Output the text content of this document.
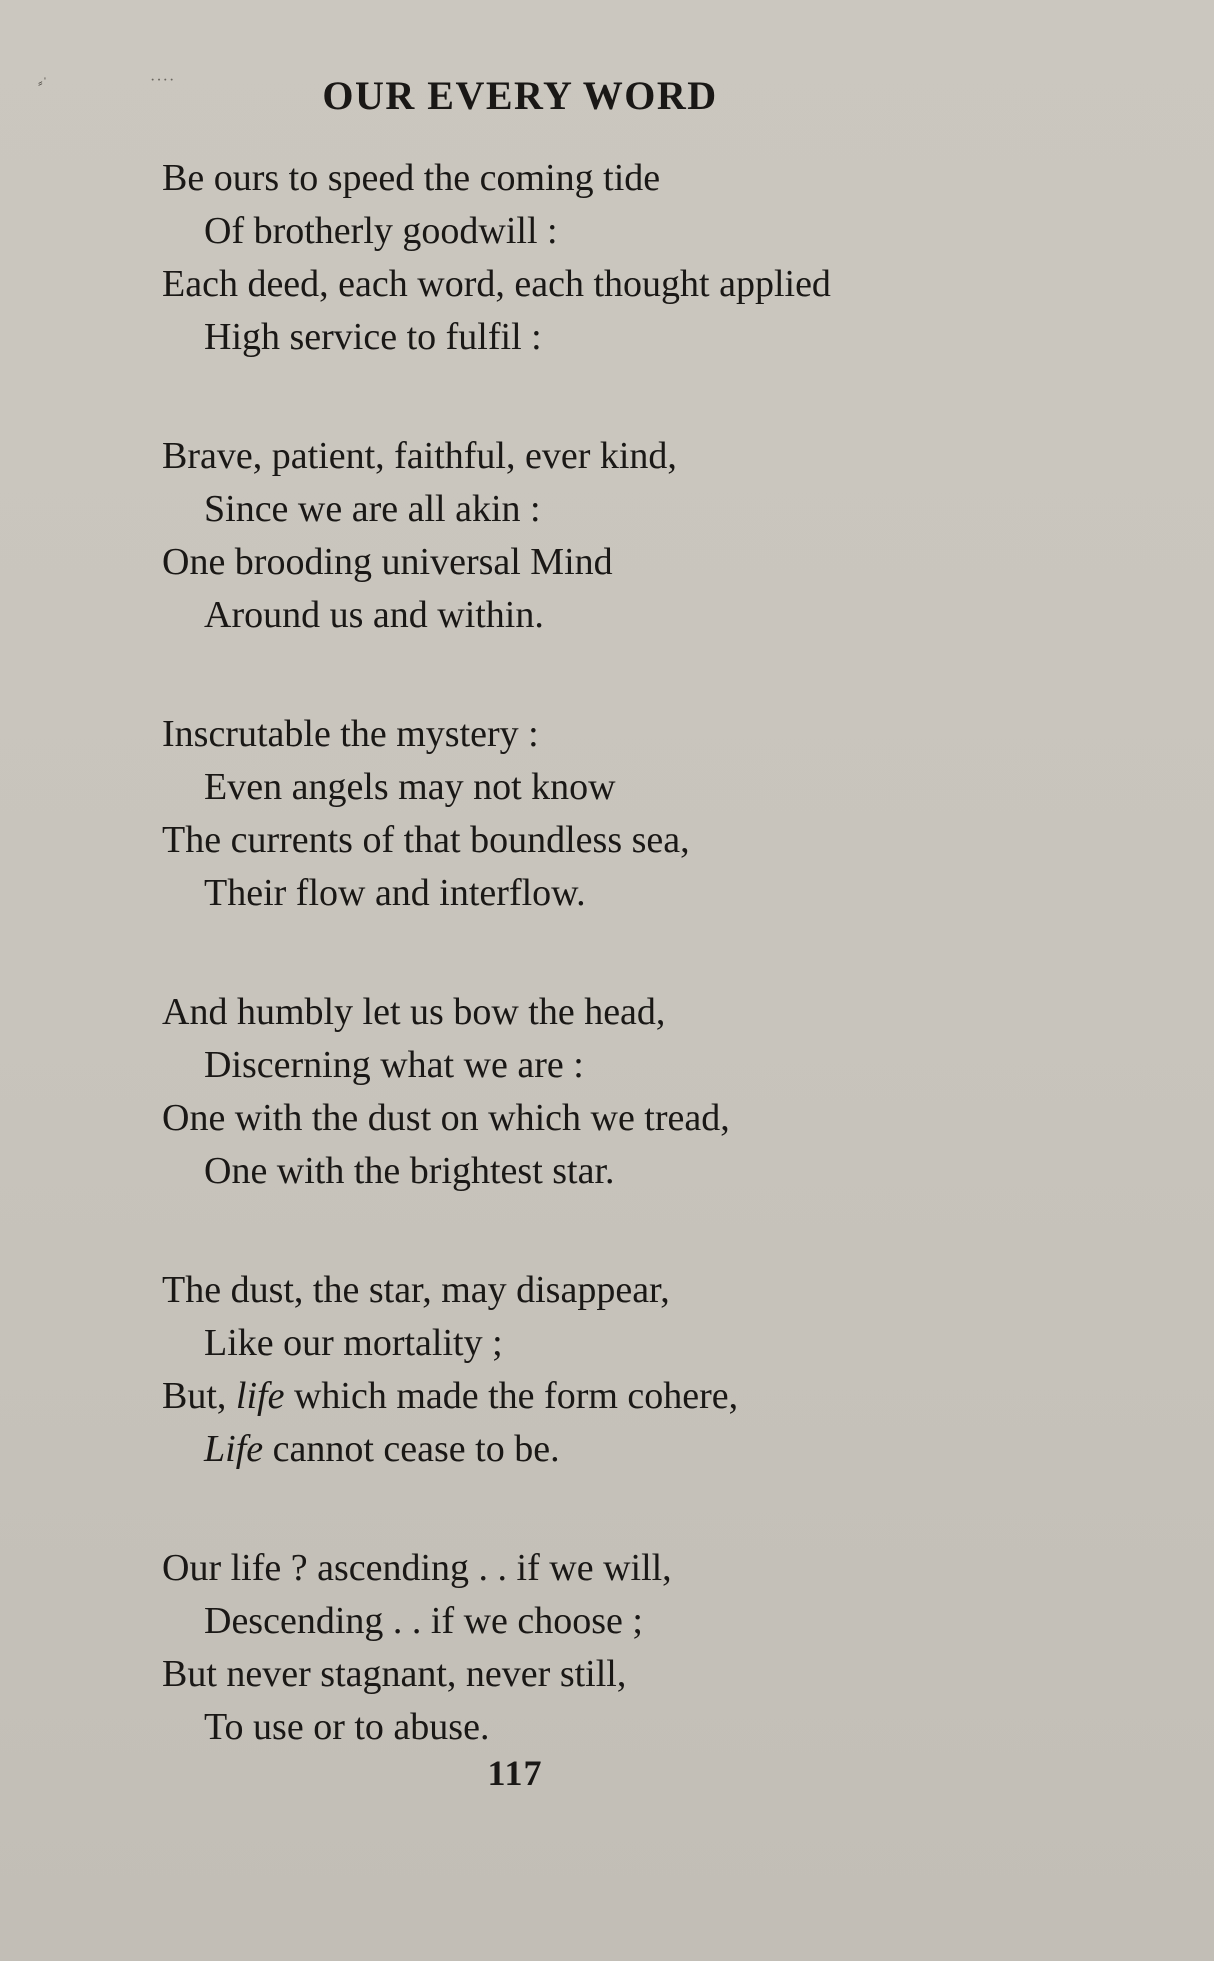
⸗ˈ	····	OUR EVERY WORD
Be ours to speed the coming tide
Of brotherly goodwill :
Each deed, each word, each thought applied
High service to fulfil :
Brave, patient, faithful, ever kind,
Since we are all akin :
One brooding universal Mind
Around us and within.
Inscrutable the mystery :
Even angels may not know
The currents of that boundless sea,
Their flow and interflow.
And humbly let us bow the head,
Discerning what we are :
One with the dust on which we tread,
One with the brightest star.
The dust, the star, may disappear,
Like our mortality ;
But, life which made the form cohere,
Life cannot cease to be.
Our life ? ascending . . if we will,
Descending . . if we choose ;
But never stagnant, never still,
To use or to abuse.
117
